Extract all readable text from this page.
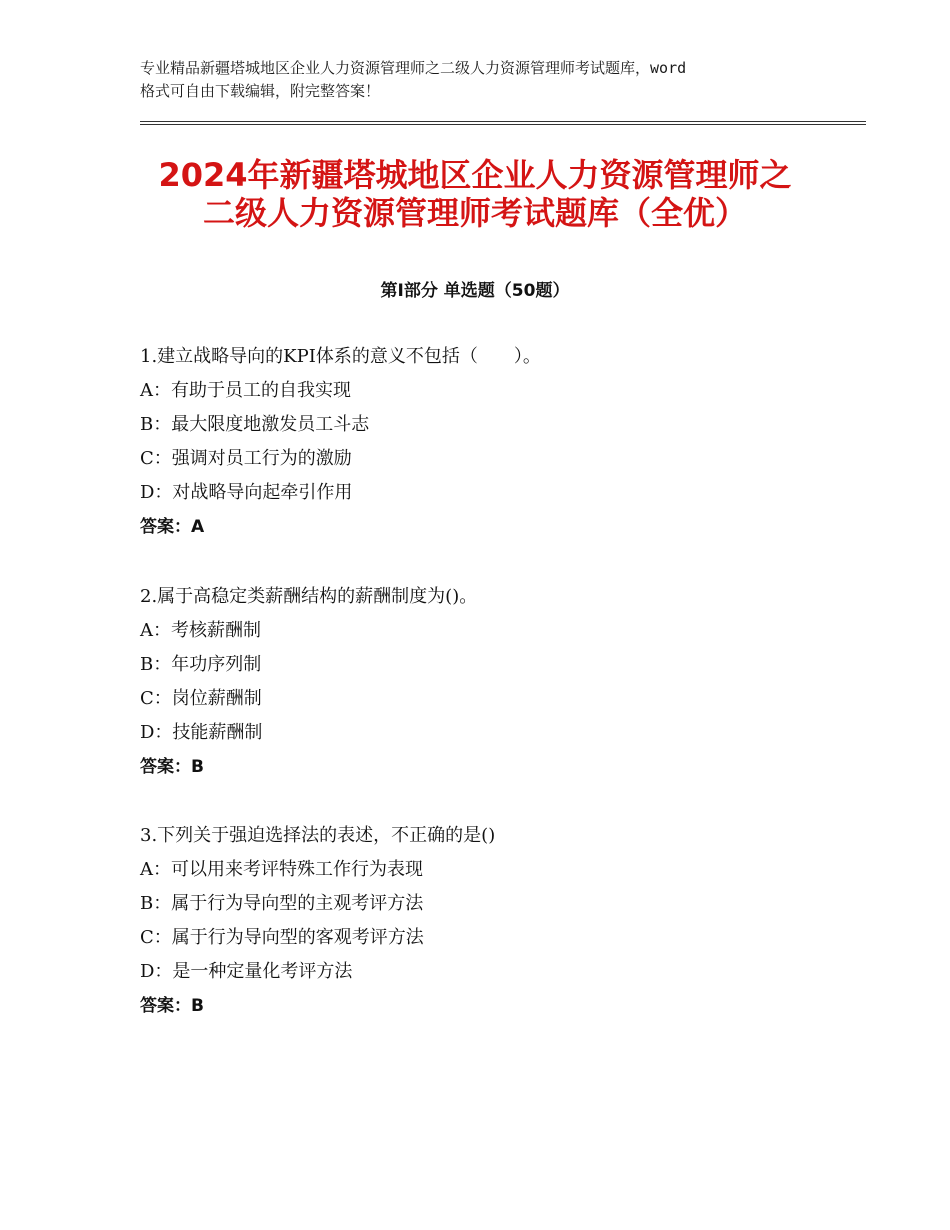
专业精品新疆塔城地区企业人力资源管理师之二级人力资源管理师考试题库，word
格式可自由下载编辑，附完整答案！
2024年新疆塔城地区企业人力资源管理师之
二级人力资源管理师考试题库（全优）
第Ⅰ部分 单选题（50题）
1.建立战略导向的KPI体系的意义不包括（　　）。
A：有助于员工的自我实现
B：最大限度地激发员工斗志
C：强调对员工行为的激励
D：对战略导向起牵引作用
答案：A
2.属于高稳定类薪酬结构的薪酬制度为()。
A：考核薪酬制
B：年功序列制
C：岗位薪酬制
D：技能薪酬制
答案：B
3.下列关于强迫选择法的表述，不正确的是()
A：可以用来考评特殊工作行为表现
B：属于行为导向型的主观考评方法
C：属于行为导向型的客观考评方法
D：是一种定量化考评方法
答案：B
